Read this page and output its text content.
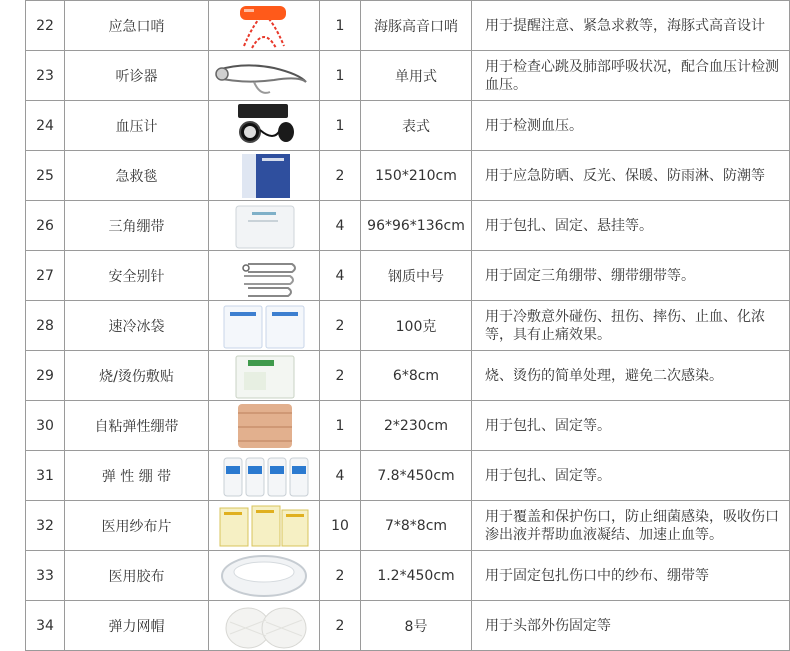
22	应急口哨		1	海豚高音口哨	用于提醒注意、紧急求救等，海豚式高音设计
23	听诊器		1	单用式	用于检查心跳及肺部呼吸状况，配合血压计检测血压。
24	血压计		1	表式	用于检测血压。
25	急救毯		2	150*210cm	用于应急防晒、反光、保暖、防雨淋、防潮等
26	三角绷带		4	96*96*136cm	用于包扎、固定、悬挂等。
27	安全别针		4	钢质中号	用于固定三角绷带、绷带绷带等。
28	速冷冰袋		2	100克	用于冷敷意外碰伤、扭伤、摔伤、止血、化浓等，具有止痛效果。
29	烧/烫伤敷贴		2	6*8cm	烧、烫伤的简单处理，避免二次感染。
30	自粘弹性绷带		1	2*230cm	用于包扎、固定等。
31	弹 性 绷 带		4	7.8*450cm	用于包扎、固定等。
32	医用纱布片		10	7*8*8cm	用于覆盖和保护伤口，防止细菌感染，吸收伤口渗出液并帮助血液凝结、加速止血等。
33	医用胶布		2	1.2*450cm	用于固定包扎伤口中的纱布、绷带等
34	弹力网帽		2	8号	用于头部外伤固定等
